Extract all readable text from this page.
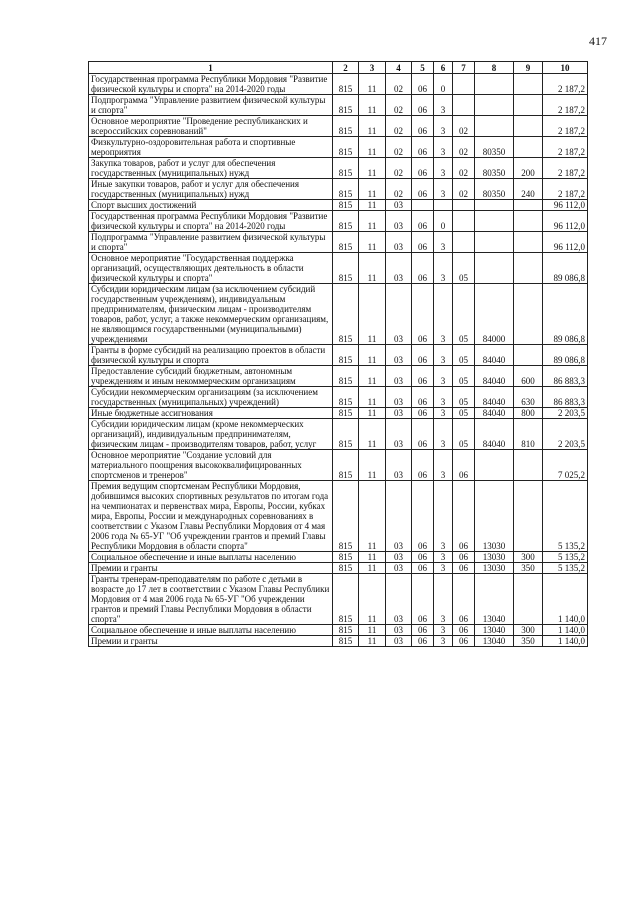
417
1	2	3	4	5	6	7	8	9	10
Государственная программа Республики Мордовия "Развитие физической культуры и спорта" на 2014-2020 годы	815	11	02	06	0				2 187,2
Подпрограмма "Управление развитием физической культуры и спорта"	815	11	02	06	3				2 187,2
Основное мероприятие "Проведение республиканских и всероссийских соревнований"	815	11	02	06	3	02			2 187,2
Физкультурно-оздоровительная работа и спортивные мероприятия	815	11	02	06	3	02	80350		2 187,2
Закупка товаров, работ и услуг для обеспечения государственных (муниципальных) нужд	815	11	02	06	3	02	80350	200	2 187,2
Иные закупки товаров, работ и услуг для обеспечения государственных (муниципальных) нужд	815	11	02	06	3	02	80350	240	2 187,2
Спорт высших достижений	815	11	03						96 112,0
Государственная программа Республики Мордовия "Развитие физической культуры и спорта" на 2014-2020 годы	815	11	03	06	0				96 112,0
Подпрограмма "Управление развитием физической культуры и спорта"	815	11	03	06	3				96 112,0
Основное мероприятие "Государственная поддержка организаций, осуществляющих деятельность в области физической культуры и спорта"	815	11	03	06	3	05			89 086,8
Субсидии юридическим лицам (за исключением субсидий государственным учреждениям), индивидуальным предпринимателям, физическим лицам - производителям товаров, работ, услуг, а также некоммерческим организациям, не являющимся государственными (муниципальными) учреждениями	815	11	03	06	3	05	84000		89 086,8
Гранты в форме субсидий на реализацию проектов в области физической культуры и спорта	815	11	03	06	3	05	84040		89 086,8
Предоставление субсидий бюджетным, автономным учреждениям и иным некоммерческим организациям	815	11	03	06	3	05	84040	600	86 883,3
Субсидии некоммерческим организациям (за исключением государственных (муниципальных) учреждений)	815	11	03	06	3	05	84040	630	86 883,3
Иные бюджетные ассигнования	815	11	03	06	3	05	84040	800	2 203,5
Субсидии юридическим лицам (кроме некоммерческих организаций), индивидуальным предпринимателям, физическим лицам - производителям товаров, работ, услуг	815	11	03	06	3	05	84040	810	2 203,5
Основное мероприятие "Создание условий для материального поощрения высококвалифицированных спортсменов и тренеров"	815	11	03	06	3	06			7 025,2
Премия ведущим спортсменам Республики Мордовия, добившимся высоких спортивных результатов по итогам года на чемпионатах и первенствах мира, Европы, России, кубках мира, Европы, России и международных соревнованиях в соответствии с Указом Главы Республики Мордовия от 4 мая 2006 года № 65-УГ "Об учреждении грантов и премий Главы Республики Мордовия в области спорта"	815	11	03	06	3	06	13030		5 135,2
Социальное обеспечение и иные выплаты населению	815	11	03	06	3	06	13030	300	5 135,2
Премии и гранты	815	11	03	06	3	06	13030	350	5 135,2
Гранты тренерам-преподавателям по работе с детьми в возрасте до 17 лет в соответствии с Указом Главы Республики Мордовия от 4 мая 2006 года № 65-УГ "Об учреждении грантов и премий Главы Республики Мордовия в области спорта"	815	11	03	06	3	06	13040		1 140,0
Социальное обеспечение и иные выплаты населению	815	11	03	06	3	06	13040	300	1 140,0
Премии и гранты	815	11	03	06	3	06	13040	350	1 140,0
